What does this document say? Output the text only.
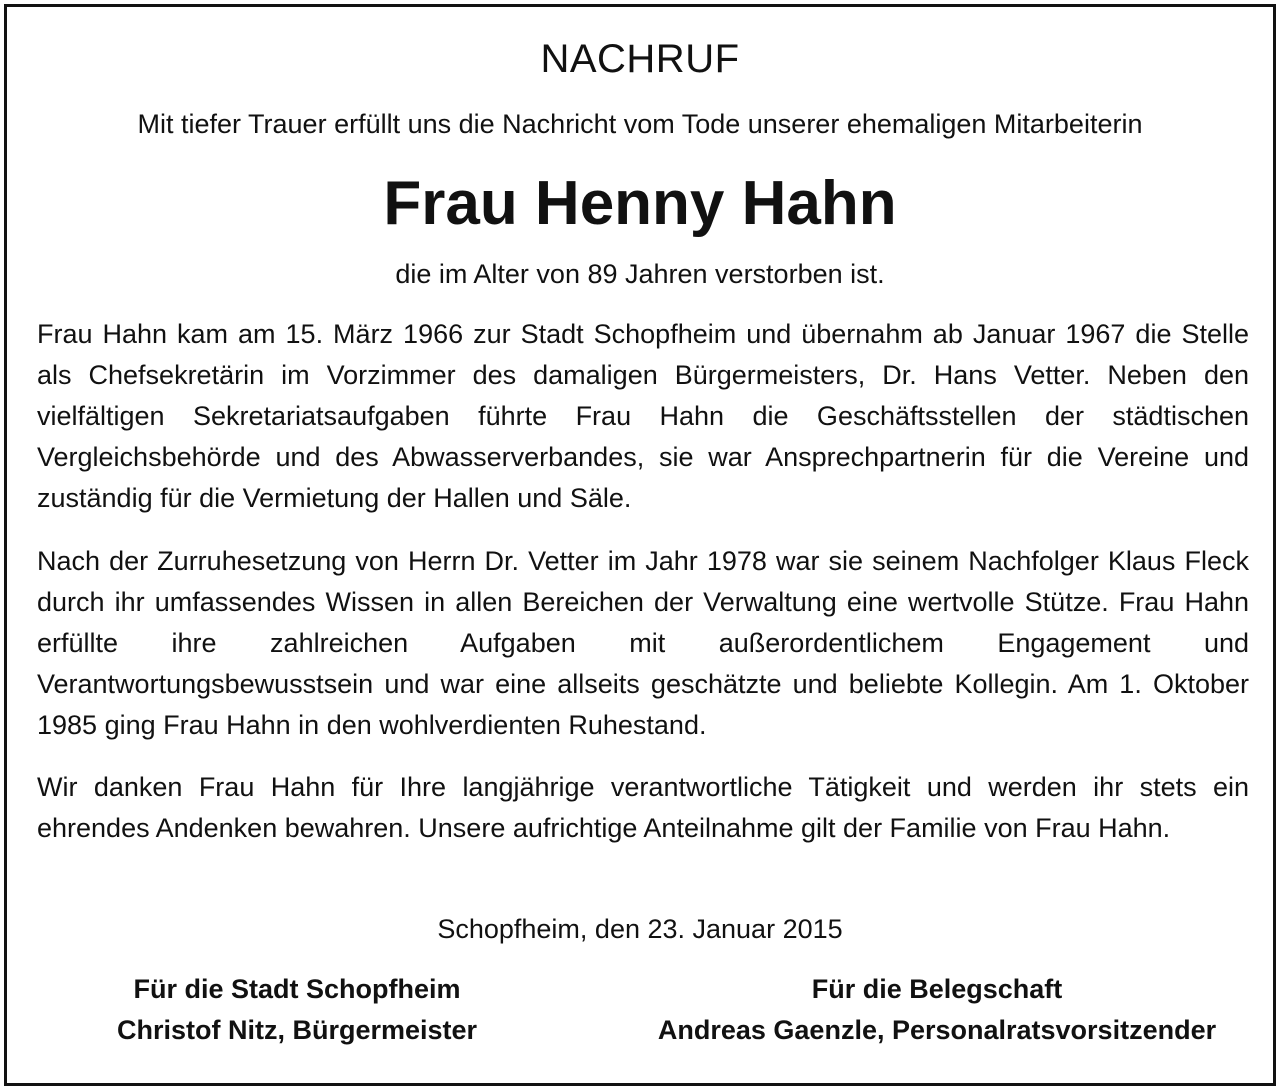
NACHRUF
Mit tiefer Trauer erfüllt uns die Nachricht vom Tode unserer ehemaligen Mitarbeiterin
Frau Henny Hahn
die im Alter von 89 Jahren verstorben ist.

Frau Hahn kam am 15. März 1966 zur Stadt Schopfheim und übernahm ab Januar 1967 die Stelle als Chefsekretärin im Vorzimmer des damaligen Bürgermeisters, Dr. Hans Vetter. Neben den vielfältigen Sekretariatsaufgaben führte Frau Hahn die Geschäftsstellen der städtischen Vergleichsbehörde und des Abwasserverbandes, sie war Ansprechpartnerin für die Vereine und zuständig für die Vermietung der Hallen und Säle.

Nach der Zurruhesetzung von Herrn Dr. Vetter im Jahr 1978 war sie seinem Nachfolger Klaus Fleck durch ihr umfassendes Wissen in allen Bereichen der Verwaltung eine wertvolle Stütze. Frau Hahn erfüllte ihre zahlreichen Aufgaben mit außerordentlichem Engagement und Verantwortungsbewusstsein und war eine allseits geschätzte und beliebte Kollegin. Am 1. Oktober 1985 ging Frau Hahn in den wohlverdienten Ruhestand.

Wir danken Frau Hahn für Ihre langjährige verantwortliche Tätigkeit und werden ihr stets ein ehrendes Andenken bewahren. Unsere aufrichtige Anteilnahme gilt der Familie von Frau Hahn.

Schopfheim, den 23. Januar 2015
Für die Stadt Schopfheim
Christof Nitz, Bürgermeister
Für die Belegschaft
Andreas Gaenzle, Personalratsvorsitzender
